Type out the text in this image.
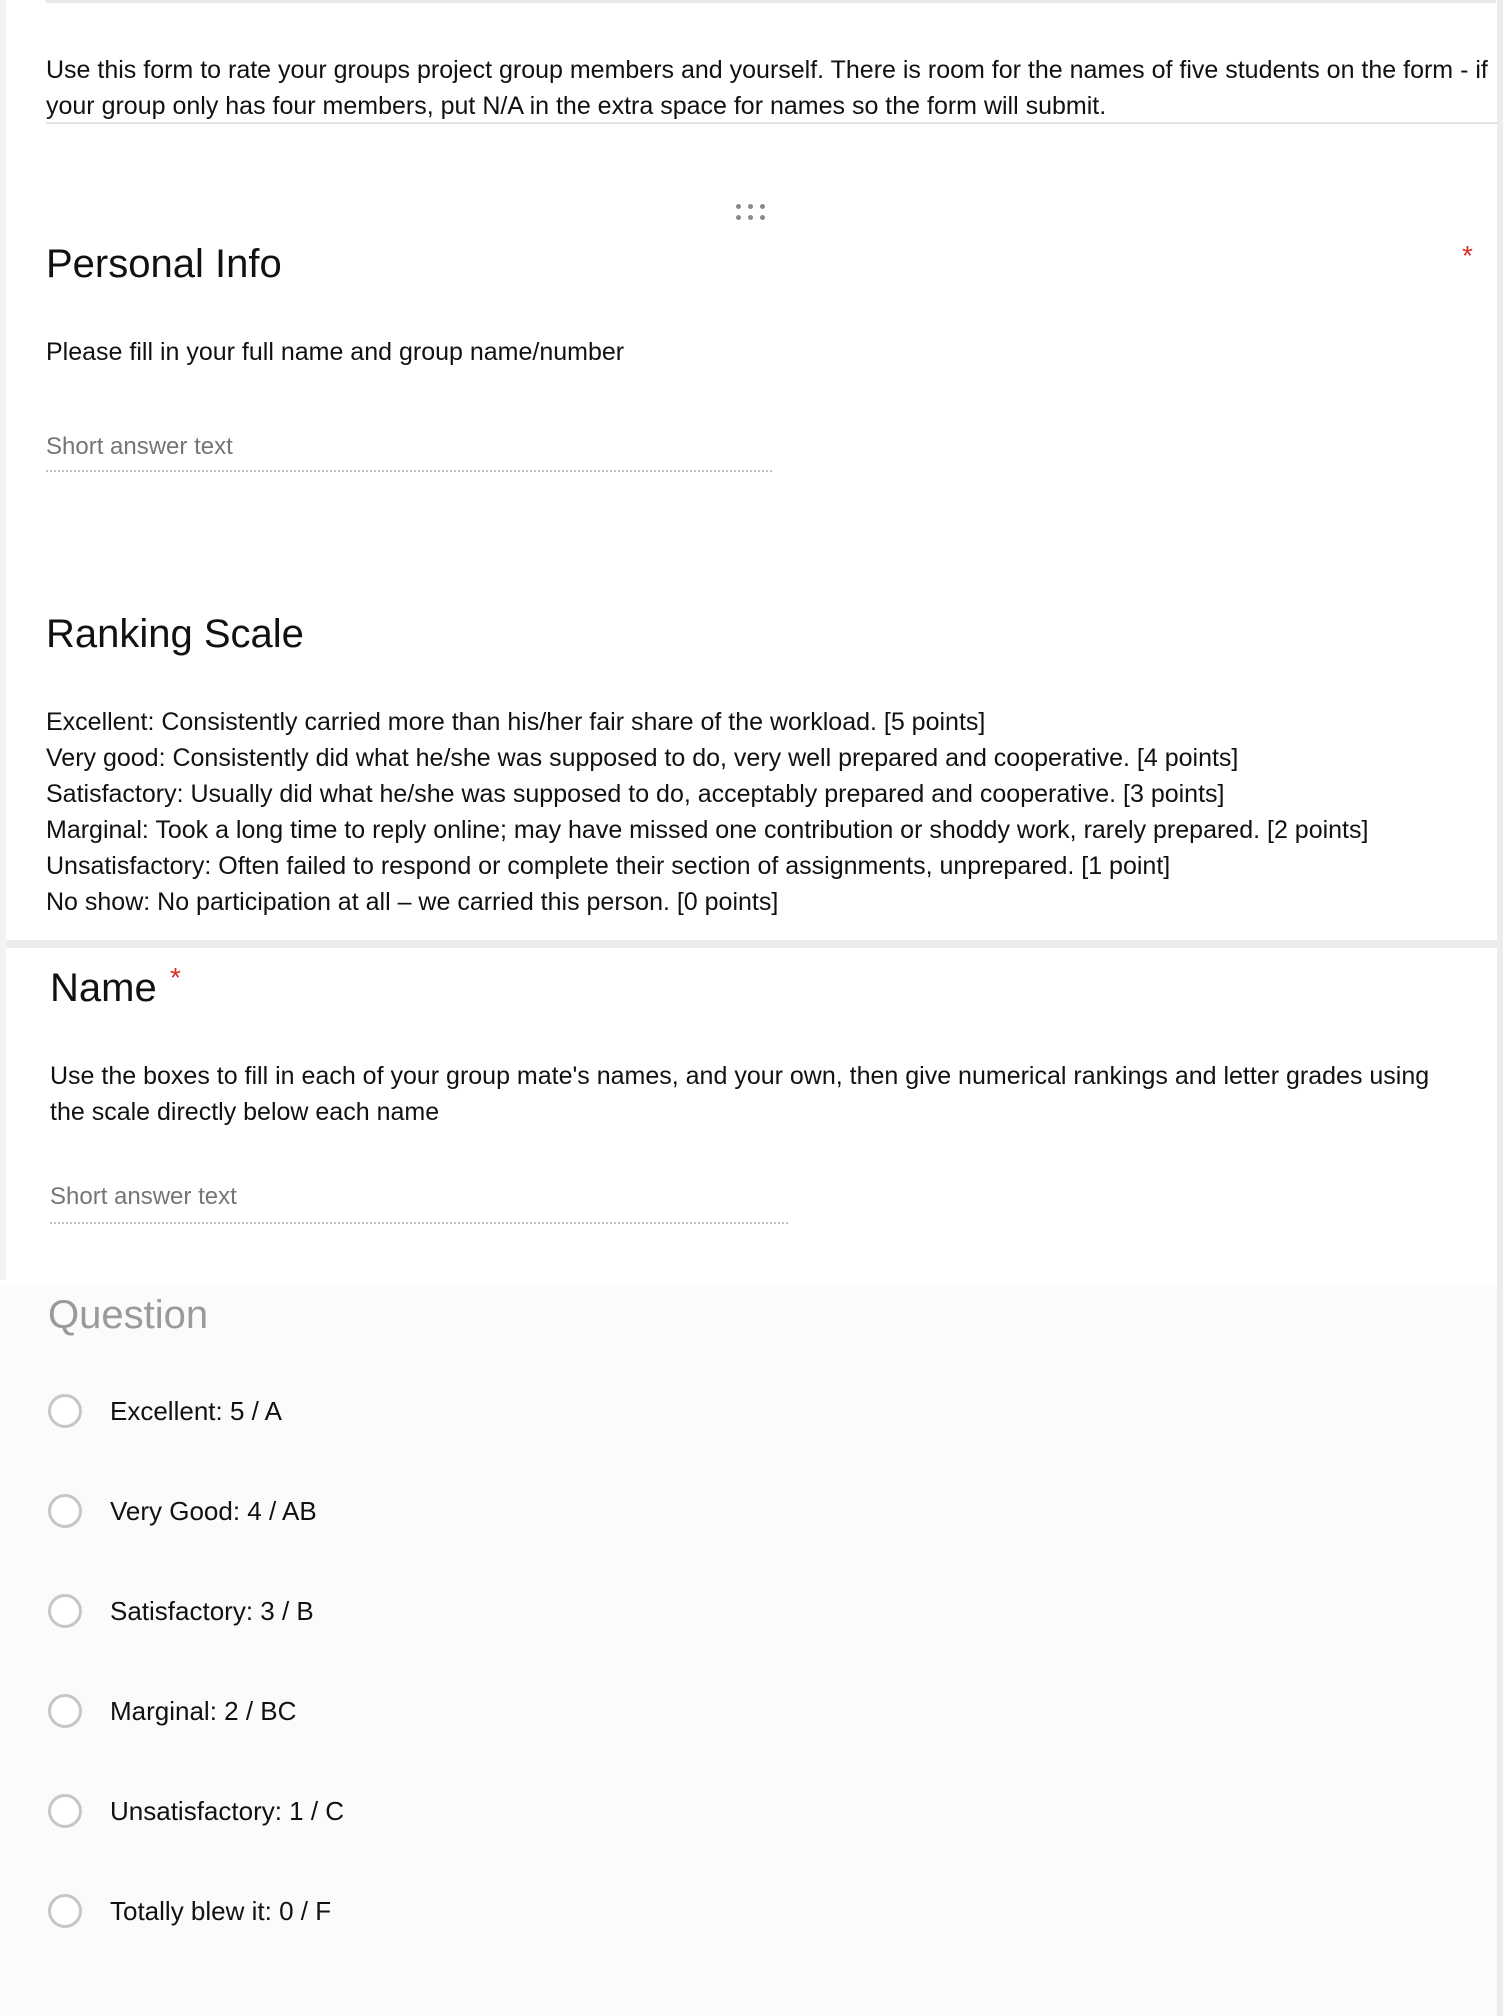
Use this form to rate your groups project group members and yourself. There is room for the names of five students on the form - if your group only has four members, put N/A in the extra space for names so the form will submit.
Personal Info	*
Please fill in your full name and group name/number
Short answer text
Ranking Scale
Excellent: Consistently carried more than his/her fair share of the workload. [5 points]
Very good: Consistently did what he/she was supposed to do, very well prepared and cooperative. [4 points]
Satisfactory: Usually did what he/she was supposed to do, acceptably prepared and cooperative. [3 points]
Marginal: Took a long time to reply online; may have missed one contribution or shoddy work, rarely prepared. [2 points]
Unsatisfactory: Often failed to respond or complete their section of assignments, unprepared. [1 point]
No show: No participation at all – we carried this person. [0 points]
Name *
Use the boxes to fill in each of your group mate's names, and your own, then give numerical rankings and letter grades using the scale directly below each name
Short answer text
Question
Excellent: 5 / A
Very Good: 4 / AB
Satisfactory: 3 / B
Marginal: 2 / BC
Unsatisfactory: 1 / C
Totally blew it: 0 / F
